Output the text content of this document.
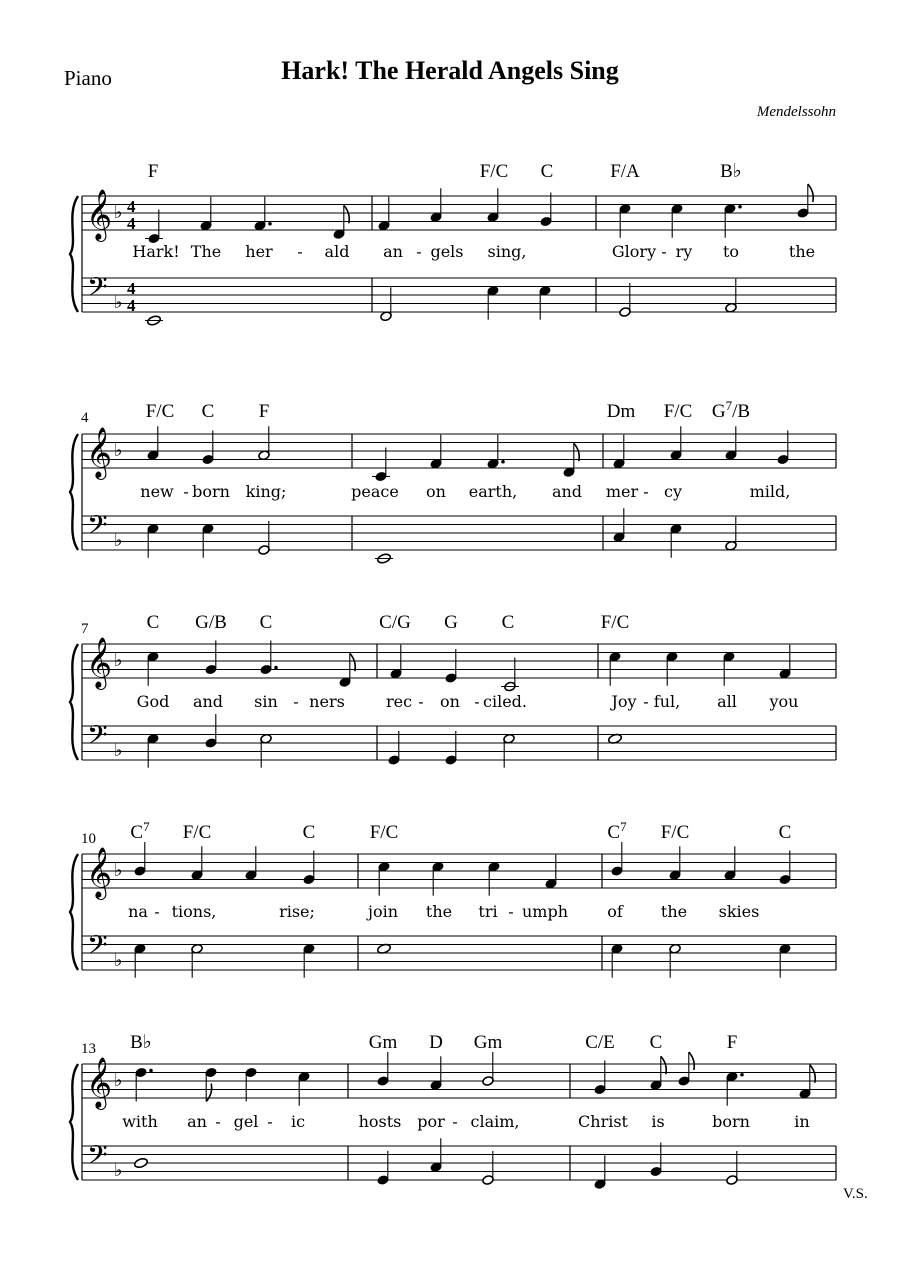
Piano	Hark! The Herald Angels Sing
Mendelssohn
𝄞
𝄢
♭
♭
4
4
4
4
F	F/C C	F/A	B♭
Hark! The her - ald an - gels sing,	Glory - ry to	the
𝄞
𝄢
♭
♭
4	F/C C F	Dm F/C $G^7/B$
new - born king;	peace on earth, and mer - cy	mild,
𝄞
𝄢
♭
♭
7	C G/B C	C/G G C	F/C
God and sin - ners	rec - on - ciled.	Joy - ful, all you
𝄞
𝄢
♭
♭
10 $C^7$ F/C	C	F/C	$C^7$ F/C	C
na - tions,	rise;	join the tri - umph of the skies
𝄞
𝄢
♭
♭
13 B♭	Gm D Gm	C/E C	F
with an - gel - ic	hosts por - claim,	Christ is	born	in
V.S.
